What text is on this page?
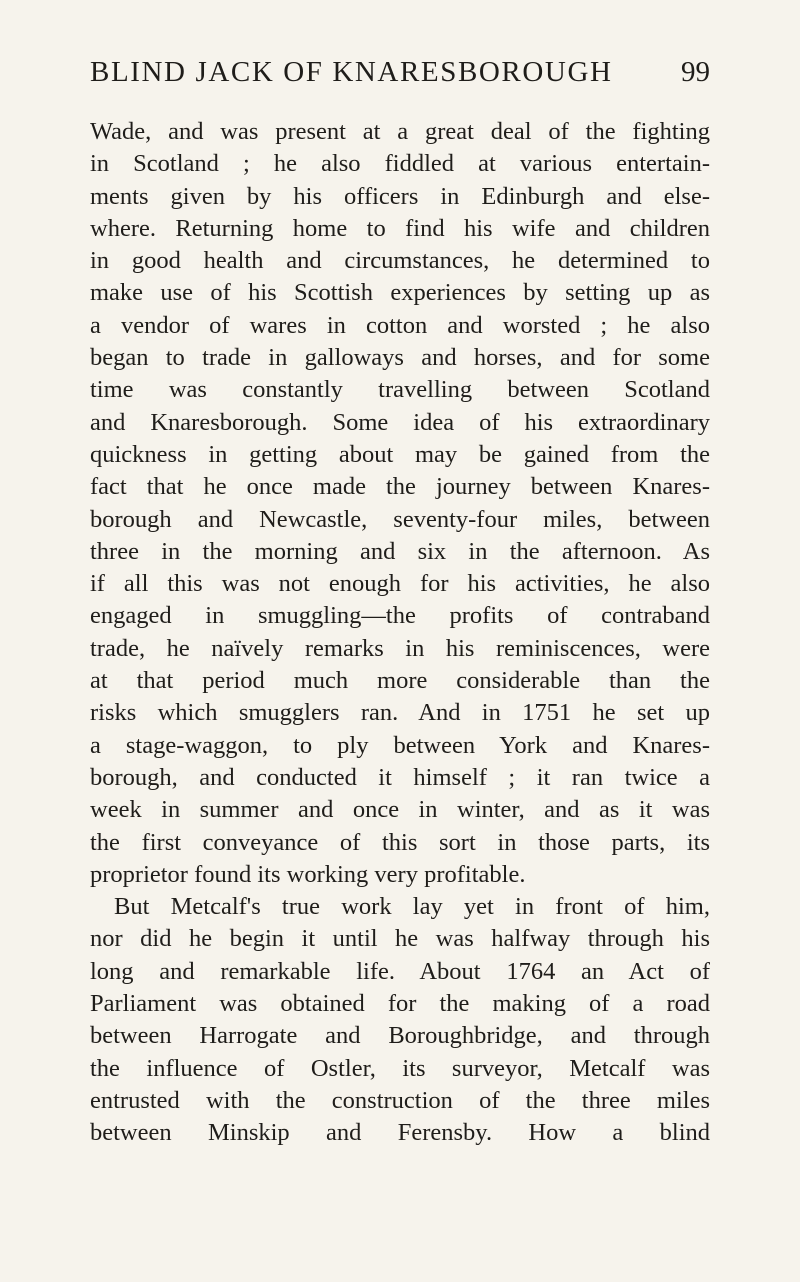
BLIND JACK OF KNARESBOROUGH 99
Wade, and was present at a great deal of the fighting
in Scotland ; he also fiddled at various entertain-
ments given by his officers in Edinburgh and else-
where. Returning home to find his wife and children
in good health and circumstances, he determined to
make use of his Scottish experiences by setting up as
a vendor of wares in cotton and worsted ; he also
began to trade in galloways and horses, and for some
time was constantly travelling between Scotland
and Knaresborough. Some idea of his extraordinary
quickness in getting about may be gained from the
fact that he once made the journey between Knares-
borough and Newcastle, seventy-four miles, between
three in the morning and six in the afternoon. As
if all this was not enough for his activities, he also
engaged in smuggling—the profits of contraband
trade, he naïvely remarks in his reminiscences, were
at that period much more considerable than the
risks which smugglers ran. And in 1751 he set up
a stage-waggon, to ply between York and Knares-
borough, and conducted it himself ; it ran twice a
week in summer and once in winter, and as it was
the first conveyance of this sort in those parts, its
proprietor found its working very profitable.
But Metcalf's true work lay yet in front of him,
nor did he begin it until he was halfway through his
long and remarkable life. About 1764 an Act of
Parliament was obtained for the making of a road
between Harrogate and Boroughbridge, and through
the influence of Ostler, its surveyor, Metcalf was
entrusted with the construction of the three miles
between Minskip and Ferensby. How a blind
